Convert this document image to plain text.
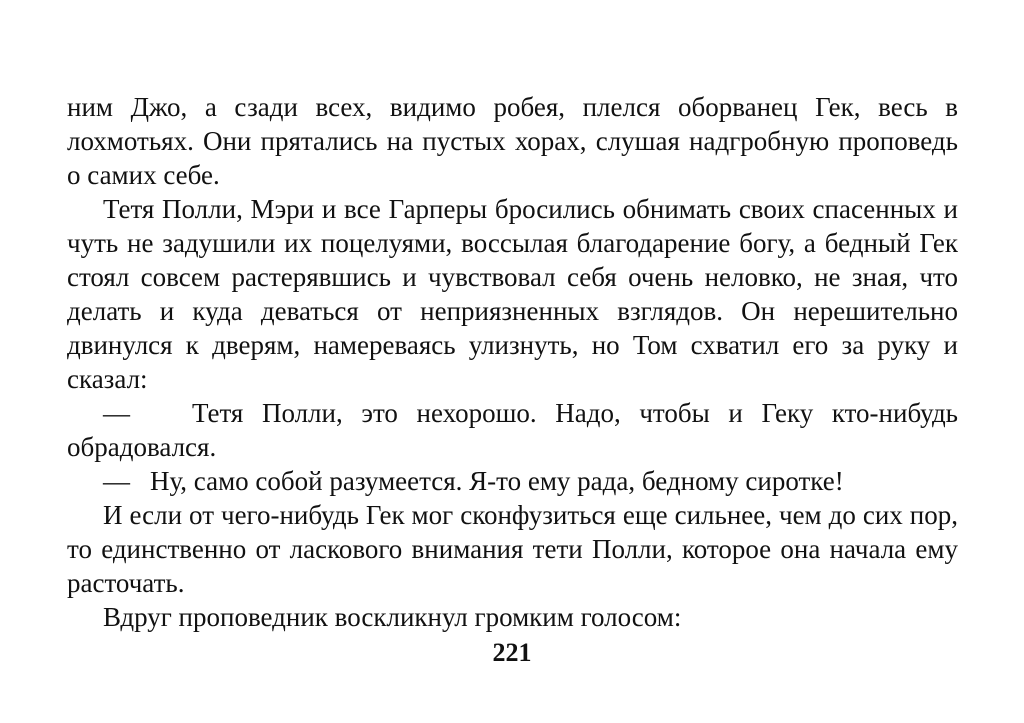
ним Джо, а сзади всех, видимо робея, плелся оборванец Гек, весь в лохмотьях. Они прятались на пустых хорах, слушая надгробную проповедь о самих себе.

Тетя Полли, Мэри и все Гарперы бросились обнимать своих спасенных и чуть не задушили их поцелуями, воссылая благодарение богу, а бедный Гек стоял совсем растерявшись и чувствовал себя очень неловко, не зная, что делать и куда деваться от неприязненных взглядов. Он нерешительно двинулся к дверям, намереваясь улизнуть, но Том схватил его за руку и сказал:

— Тетя Полли, это нехорошо. Надо, чтобы и Геку кто-нибудь обрадовался.

— Ну, само собой разумеется. Я-то ему рада, бедному сиротке!

И если от чего-нибудь Гек мог сконфузиться еще сильнее, чем до сих пор, то единственно от ласкового внимания тети Полли, которое она начала ему расточать.

Вдруг проповедник воскликнул громким голосом:

221
